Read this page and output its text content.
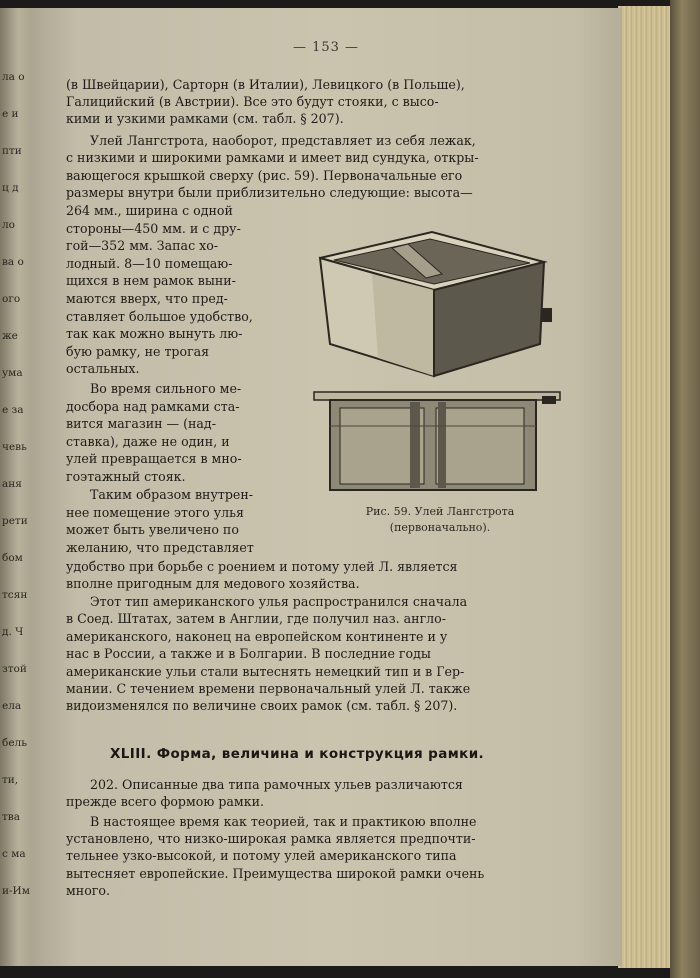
ла о
е и
пти
ц д
ло
ва о
ого
же
ума
е за
чевь
аня
рети
бом
тсян
д. Ч
зтой
ела
бель
ти,
тва
с ма
и-Им
— 153 —
XLIII. Форма, величина и конструкция рамки.
(в Швейцарии), Сарторн (в Италии), Левицкого (в Польше),
Галицийский (в Австрии). Все это будут стояки, с высо-
кими и узкими рамками (см. табл. § 207).
Улей Лангстрота, наоборот, представляет из себя лежак,
с низкими и широкими рамками и имеет вид сундука, откры-
вающегося крышкой сверху (рис. 59). Первоначальные его
размеры внутри были приблизительно следующие: высота—
264 мм., ширина с одной
стороны—450 мм. и с дру-
гой—352 мм. Запас хо-
лодный. 8—10 помещаю-
щихся в нем рамок выни-
маются вверх, что пред-
ставляет большое удобство,
так как можно вынуть лю-
бую рамку, не трогая
остальных.
Во время сильного ме-
досбора над рамками ста-
вится магазин — (над-
ставка), даже не один, и
улей превращается в мно-
гоэтажный стояк.
Таким образом внутрен-
нее помещение этого улья
может быть увеличено по
желанию, что представляет
удобство при борьбе с роением и потому улей Л. является
вполне пригодным для медового хозяйства.
Этот тип американского улья распространился сначала
в Соед. Штатах, затем в Англии, где получил наз. англо-
американского, наконец на европейском континенте и у
нас в России, а также и в Болгарии. В последние годы
американские ульи стали вытеснять немецкий тип и в Гер-
мании. С течением времени первоначальный улей Л. также
видоизменялся по величине своих рамок (см. табл. § 207).
202. Описанные два типа рамочных ульев различаются
прежде всего формою рамки.
В настоящее время как теорией, так и практикою вполне
установлено, что низко-широкая рамка является предпочти-
тельнее узко-высокой, и потому улей американского типа
вытесняет европейские. Преимущества широкой рамки очень
много.
Рис. 59. Улей Лангстрота
(первоначально).
